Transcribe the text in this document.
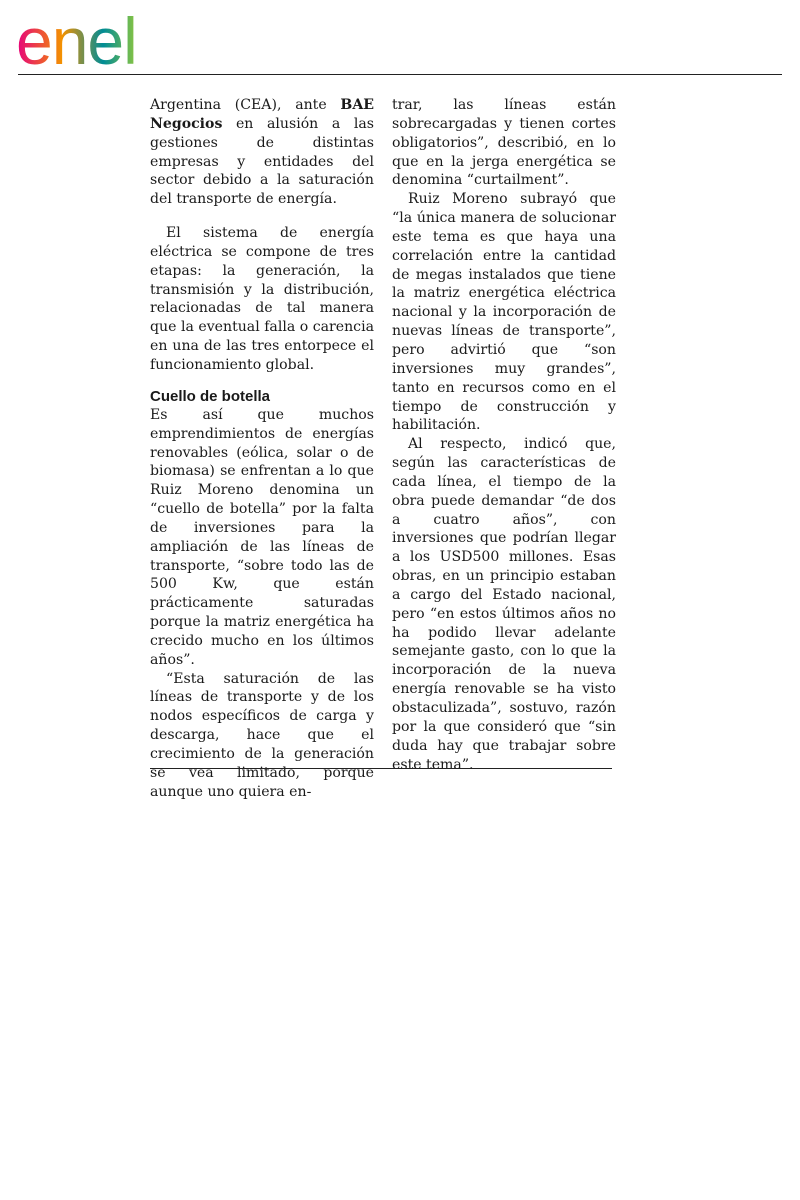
enel

Argentina (CEA), ante BAE Negocios en alusión a las gestiones de distintas empresas y entidades del sector debido a la saturación del transporte de energía.

El sistema de energía eléctrica se compone de tres etapas: la generación, la transmisión y la distribución, relacionadas de tal manera que la eventual falla o carencia en una de las tres entorpece el funcionamiento global.

Cuello de botella

Es así que muchos emprendimientos de energías renovables (eólica, solar o de biomasa) se enfrentan a lo que Ruiz Moreno denomina un “cuello de botella” por la falta de inversiones para la ampliación de las líneas de transporte, “sobre todo las de 500 Kw, que están prácticamente saturadas porque la matriz energética ha crecido mucho en los últimos años”.

“Esta saturación de las líneas de transporte y de los nodos específicos de carga y descarga, hace que el crecimiento de la generación se vea limitado, porque aunque uno quiera en-

trar, las líneas están sobrecargadas y tienen cortes obligatorios”, describió, en lo que en la jerga energética se denomina “curtailment”.

Ruiz Moreno subrayó que “la única manera de solucionar este tema es que haya una correlación entre la cantidad de megas instalados que tiene la matriz energética eléctrica nacional y la incorporación de nuevas líneas de transporte”, pero advirtió que “son inversiones muy grandes”, tanto en recursos como en el tiempo de construcción y habilitación.

Al respecto, indicó que, según las características de cada línea, el tiempo de la obra puede demandar “de dos a cuatro años”, con inversiones que podrían llegar a los USD500 millones. Esas obras, en un principio estaban a cargo del Estado nacional, pero “en estos últimos años no ha podido llevar adelante semejante gasto, con lo que la incorporación de la nueva energía renovable se ha visto obstaculizada”, sostuvo, razón por la que consideró que “sin duda hay que trabajar sobre este tema”.
